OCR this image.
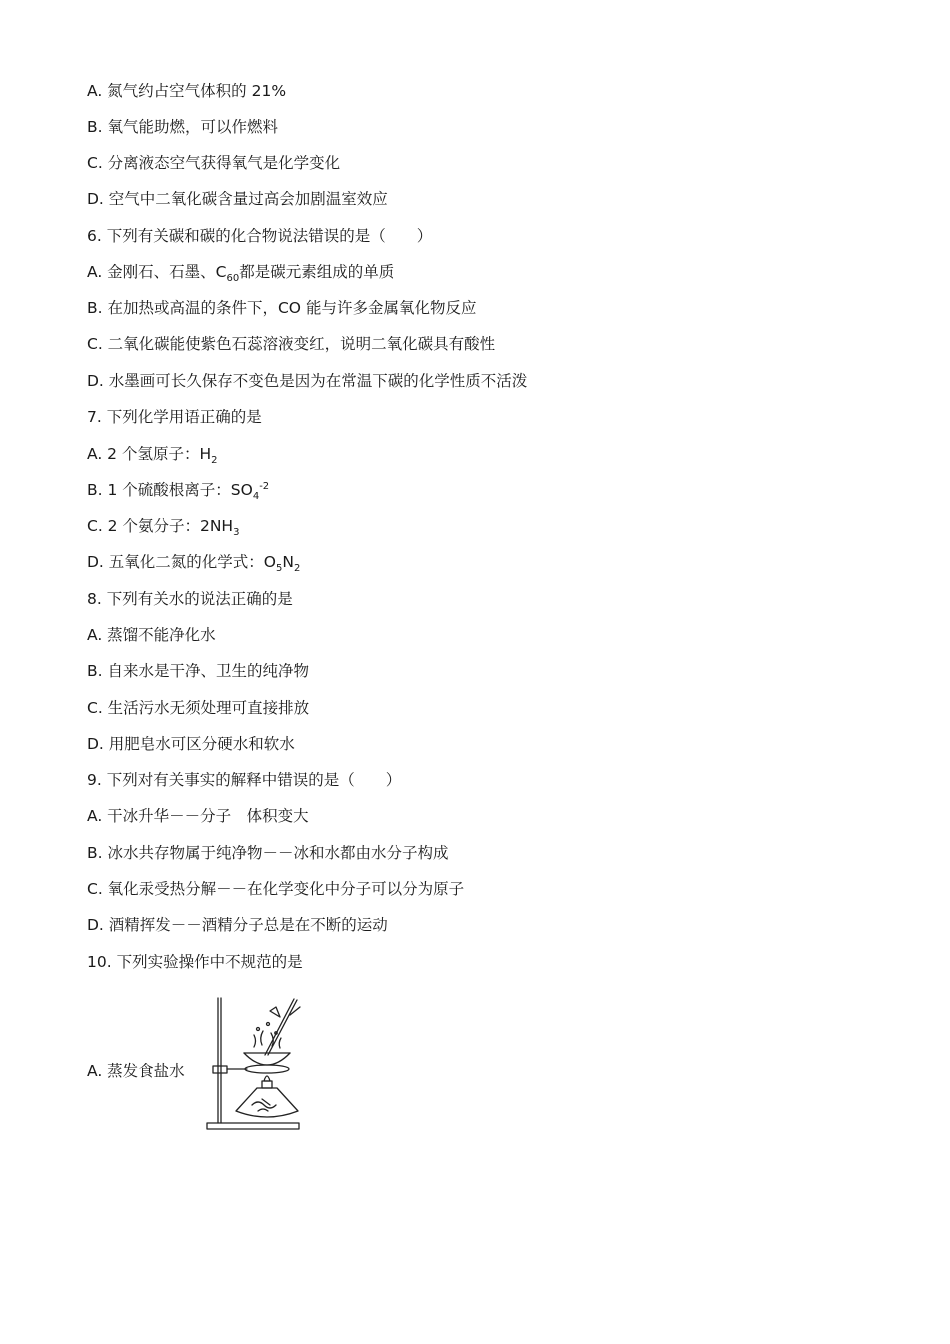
A. 氮气约占空气体积的 21%
B. 氧气能助燃，可以作燃料
C. 分离液态空气获得氧气是化学变化
D. 空气中二氧化碳含量过高会加剧温室效应
6. 下列有关碳和碳的化合物说法错误的是（　　）
A. 金刚石、石墨、$C_{60}$都是碳元素组成的单质
B. 在加热或高温的条件下，CO 能与许多金属氧化物反应
C. 二氧化碳能使紫色石蕊溶液变红，说明二氧化碳具有酸性
D. 水墨画可长久保存不变色是因为在常温下碳的化学性质不活泼
7. 下列化学用语正确的是
A. 2 个氢原子：$H_2$
B. 1 个硫酸根离子：$SO_4^{-2}$
C. 2 个氨分子：$2NH_3$
D. 五氧化二氮的化学式：$O_5N_2$
8. 下列有关水的说法正确的是
A. 蒸馏不能净化水
B. 自来水是干净、卫生的纯净物
C. 生活污水无须处理可直接排放
D. 用肥皂水可区分硬水和软水
9. 下列对有关事实的解释中错误的是（　　）
A. 干冰升华－－分子　体积变大
B. 冰水共存物属于纯净物－－冰和水都由水分子构成
C. 氧化汞受热分解－－在化学变化中分子可以分为原子
D. 酒精挥发－－酒精分子总是在不断的运动
10. 下列实验操作中不规范的是
A. 蒸发食盐水
